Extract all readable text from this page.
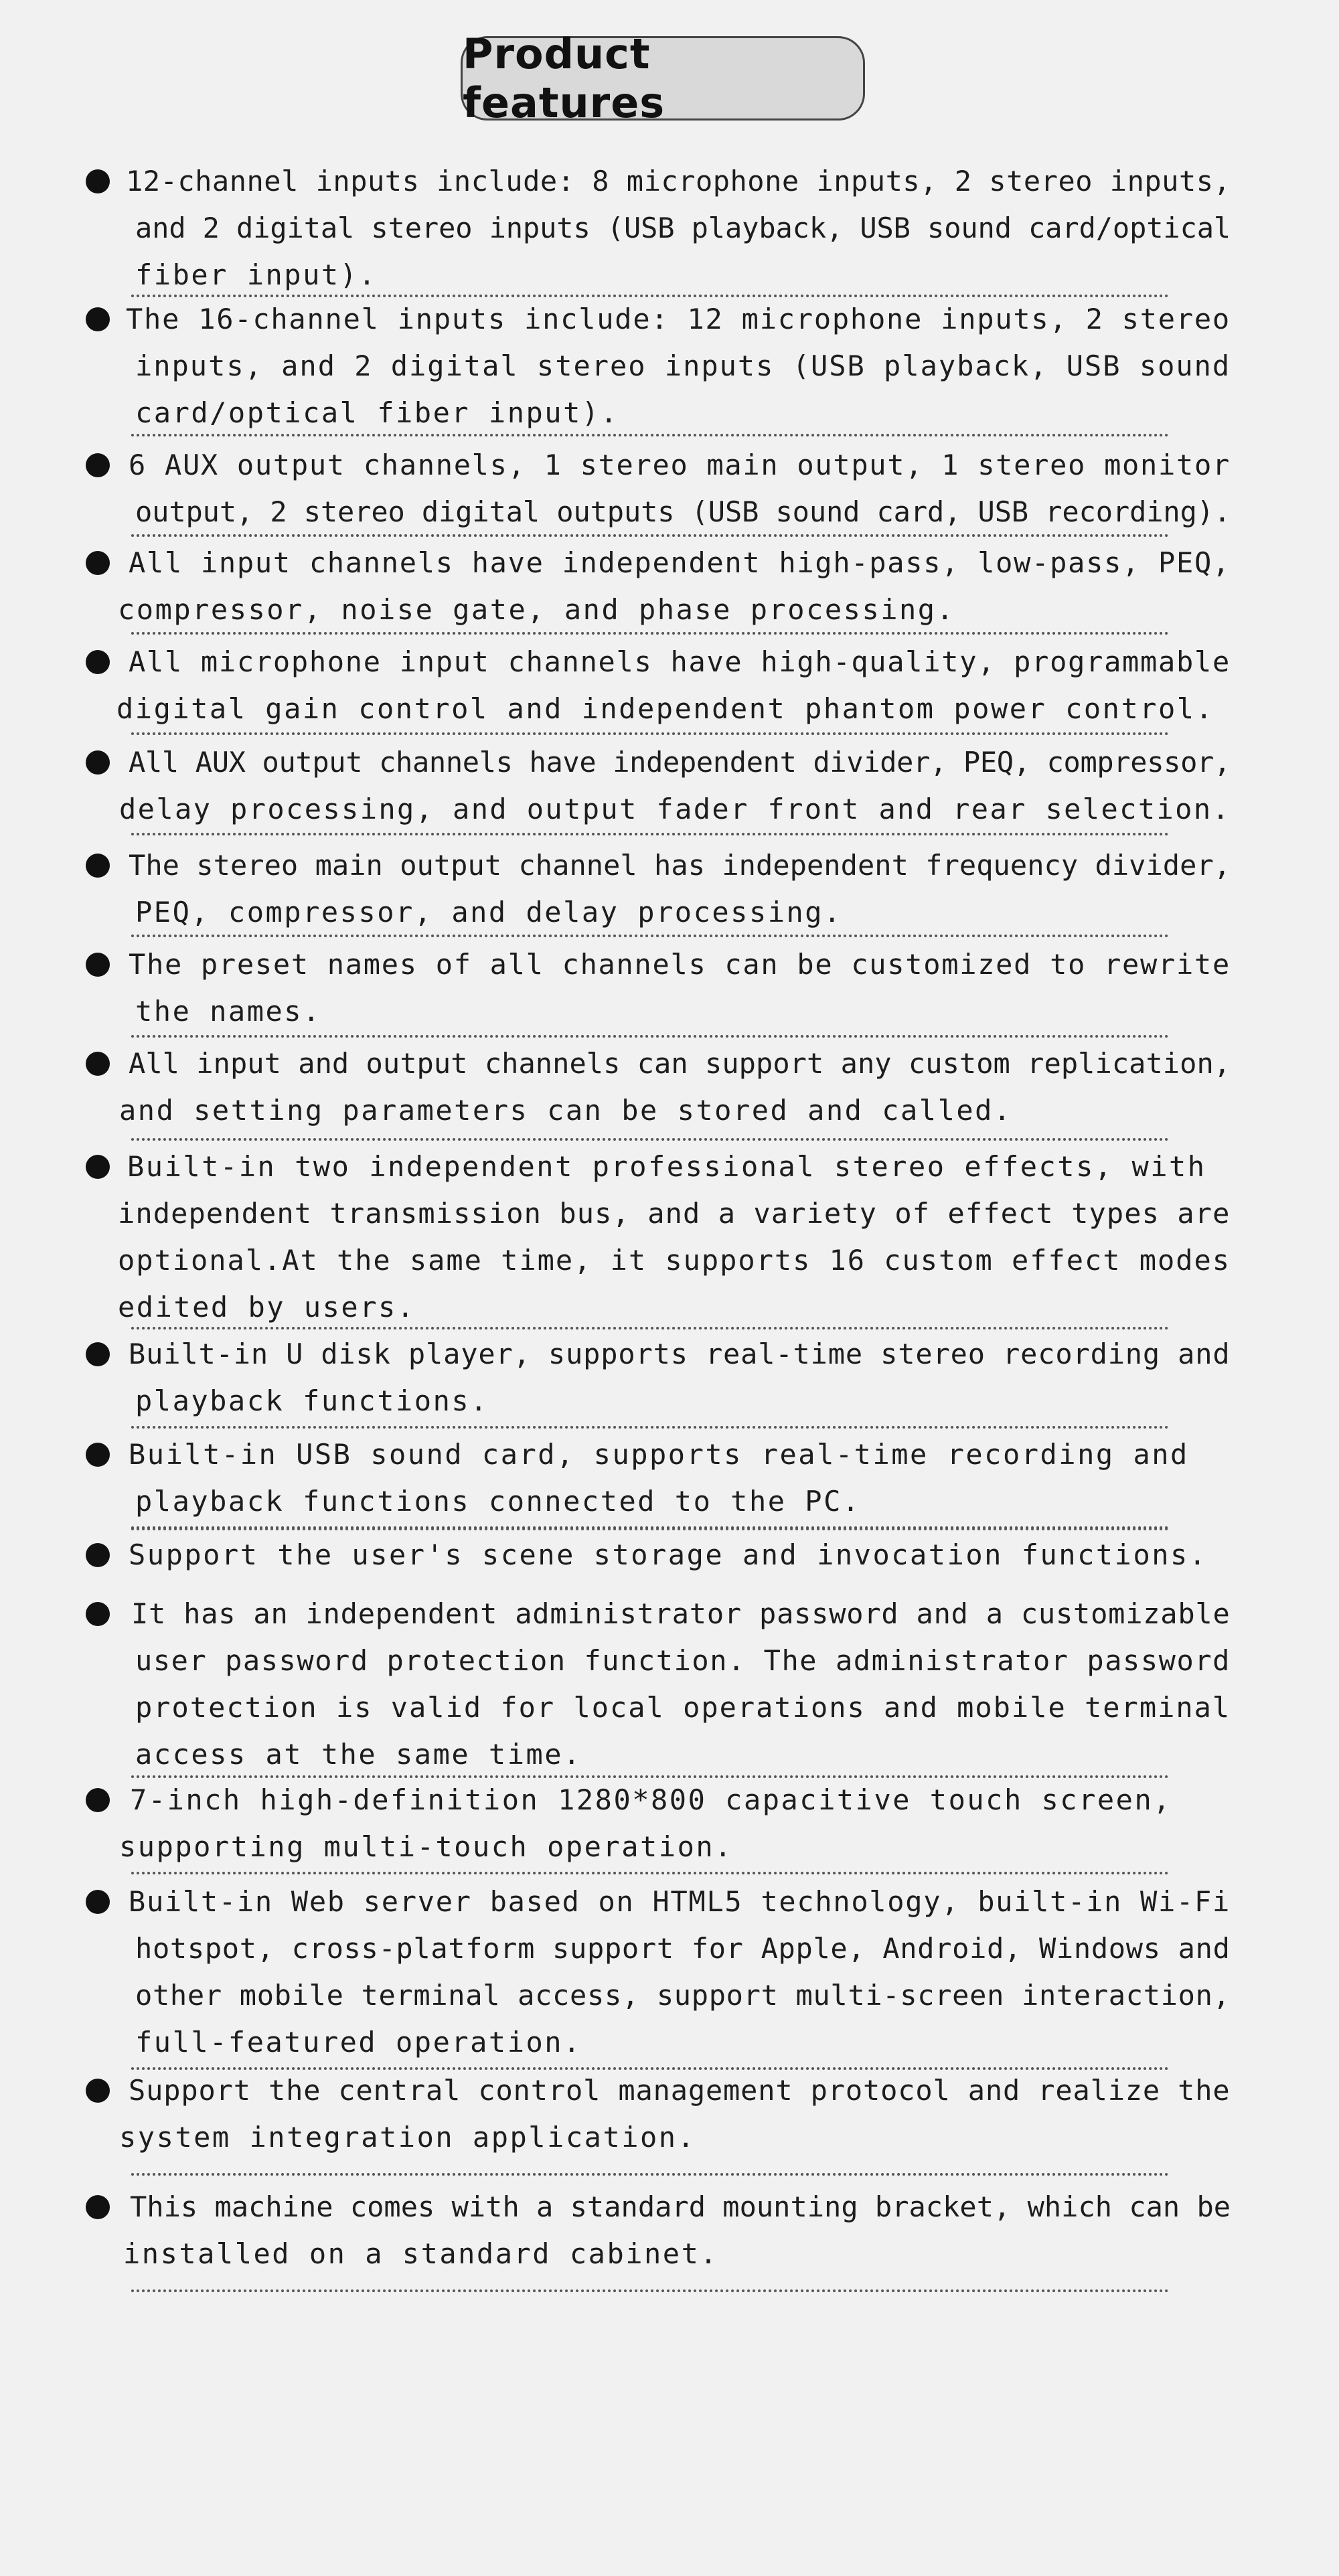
Product features
12-channel inputs include: 8 microphone inputs, 2 stereo inputs,
and 2 digital stereo inputs (USB playback, USB sound card/optical
fiber input).
The 16-channel inputs include: 12 microphone inputs, 2 stereo
inputs, and 2 digital stereo inputs (USB playback, USB sound
card/optical fiber input).
6 AUX output channels, 1 stereo main output, 1 stereo monitor
output, 2 stereo digital outputs (USB sound card, USB recording).
All input channels have independent high-pass, low-pass, PEQ,
compressor, noise gate, and phase processing.
All microphone input channels have high-quality, programmable
digital gain control and independent phantom power control.
All AUX output channels have independent divider, PEQ, compressor,
delay processing, and output fader front and rear selection.
The stereo main output channel has independent frequency divider,
PEQ, compressor, and delay processing.
The preset names of all channels can be customized to rewrite
the names.
All input and output channels can support any custom replication,
and setting parameters can be stored and called.
Built-in two independent professional stereo effects, with
independent transmission bus, and a variety of effect types are
optional.At the same time, it supports 16 custom effect modes
edited by users.
Built-in U disk player, supports real-time stereo recording and
playback functions.
Built-in USB sound card, supports real-time recording and
playback functions connected to the PC.
Support the user's scene storage and invocation functions.
It has an independent administrator password and a customizable
user password protection function. The administrator password
protection is valid for local operations and mobile terminal
access at the same time.
7-inch high-definition 1280*800 capacitive touch screen,
supporting multi-touch operation.
Built-in Web server based on HTML5 technology, built-in Wi-Fi
hotspot, cross-platform support for Apple, Android, Windows and
other mobile terminal access, support multi-screen interaction,
full-featured operation.
Support the central control management protocol and realize the
system integration application.
This machine comes with a standard mounting bracket, which can be
installed on a standard cabinet.
